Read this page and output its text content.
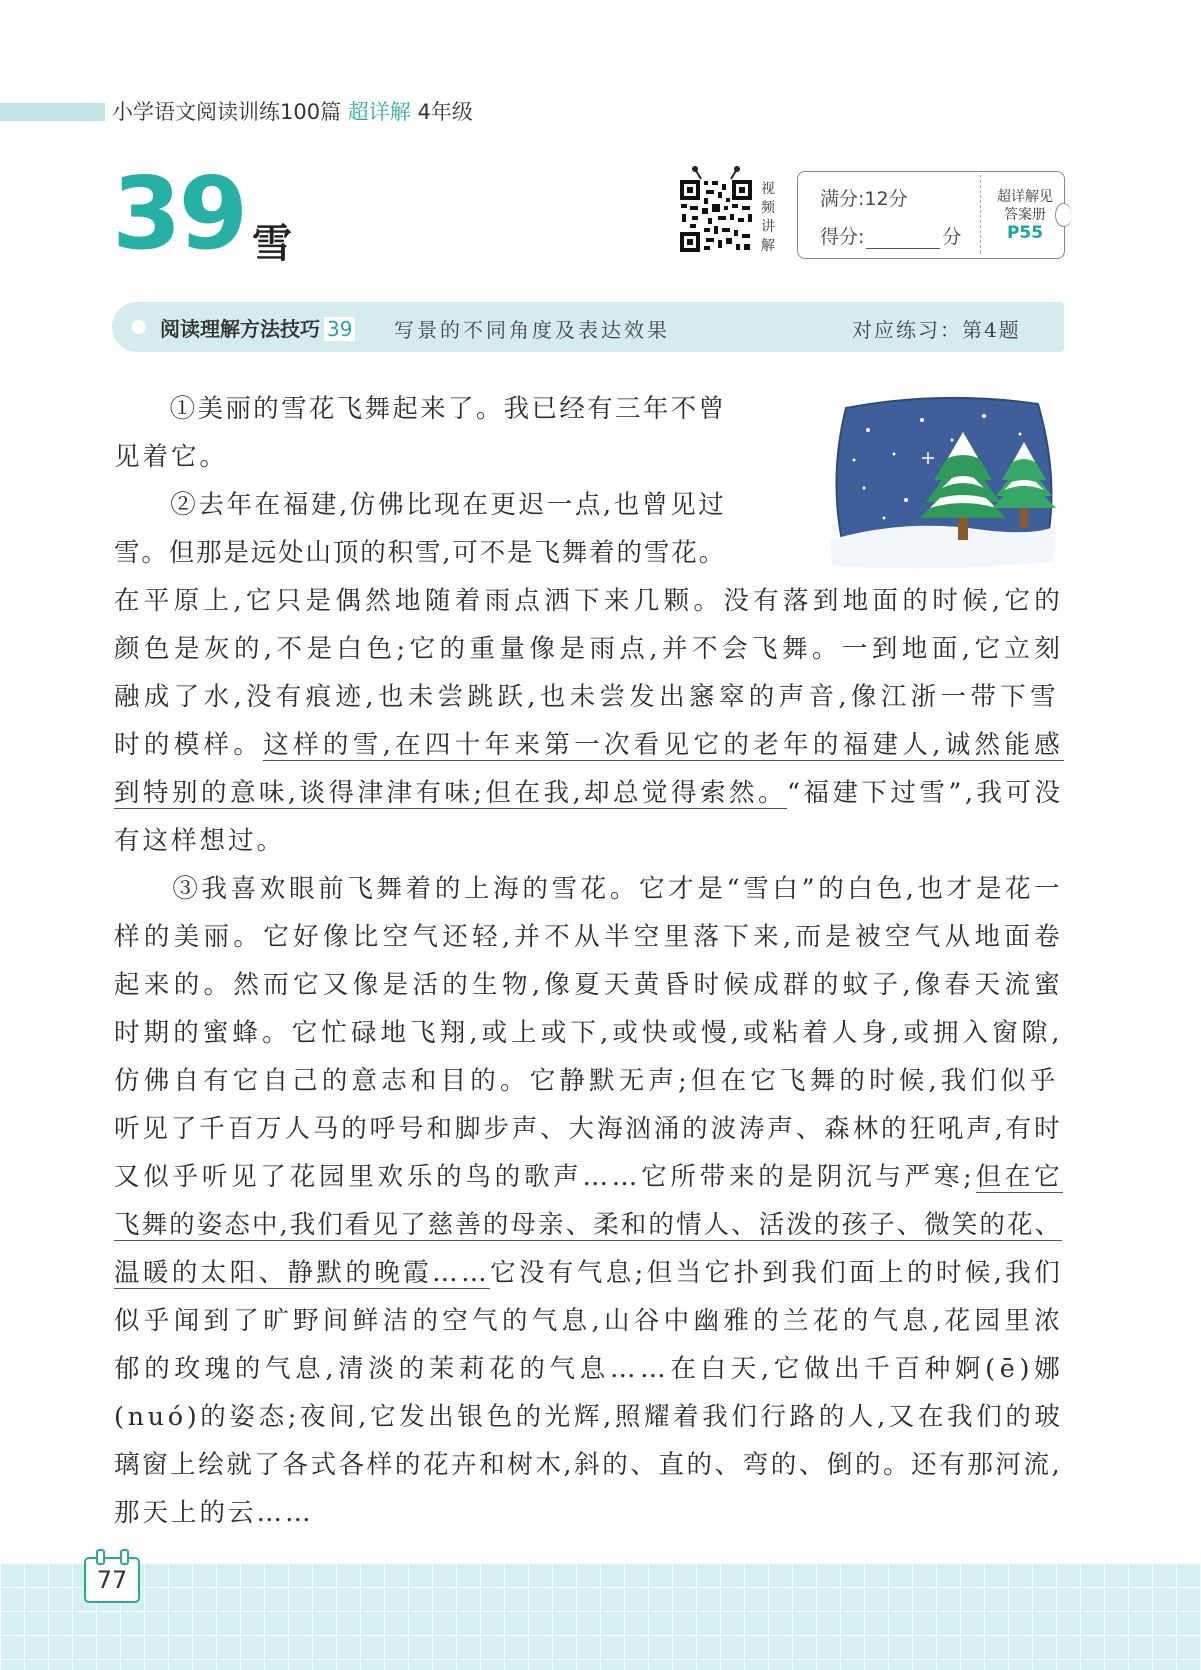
小学语文阅读训练100篇 超详解 4年级
39 雪
视
频
讲
解
满分:12分
得分:	分
超详解见
答案册
P55
阅读理解方法技巧 39	写景的不同角度及表达效果	对应练习：第4题
　　①美丽的雪花飞舞起来了。我已经有三年不曾
见着它。
　　②去年在福建,仿佛比现在更迟一点,也曾见过
雪。但那是远处山顶的积雪,可不是飞舞着的雪花。
在平原上,它只是偶然地随着雨点洒下来几颗。没有落到地面的时候,它的
颜色是灰的,不是白色;它的重量像是雨点,并不会飞舞。一到地面,它立刻
融成了水,没有痕迹,也未尝跳跃,也未尝发出窸窣的声音,像江浙一带下雪
时的模样。这样的雪,在四十年来第一次看见它的老年的福建人,诚然能感
到特别的意味,谈得津津有味;但在我,却总觉得索然。“福建下过雪”,我可没
有这样想过。
　　③我喜欢眼前飞舞着的上海的雪花。它才是“雪白”的白色,也才是花一
样的美丽。它好像比空气还轻,并不从半空里落下来,而是被空气从地面卷
起来的。然而它又像是活的生物,像夏天黄昏时候成群的蚊子,像春天流蜜
时期的蜜蜂。它忙碌地飞翔,或上或下,或快或慢,或粘着人身,或拥入窗隙,
仿佛自有它自己的意志和目的。它静默无声;但在它飞舞的时候,我们似乎
听见了千百万人马的呼号和脚步声、大海汹涌的波涛声、森林的狂吼声,有时
又似乎听见了花园里欢乐的鸟的歌声……它所带来的是阴沉与严寒;但在它
飞舞的姿态中,我们看见了慈善的母亲、柔和的情人、活泼的孩子、微笑的花、
温暖的太阳、静默的晚霞……它没有气息;但当它扑到我们面上的时候,我们
似乎闻到了旷野间鲜洁的空气的气息,山谷中幽雅的兰花的气息,花园里浓
郁的玫瑰的气息,清淡的茉莉花的气息……在白天,它做出千百种婀(ē)娜
(nuó)的姿态;夜间,它发出银色的光辉,照耀着我们行路的人,又在我们的玻
璃窗上绘就了各式各样的花卉和树木,斜的、直的、弯的、倒的。还有那河流,
那天上的云……
77
